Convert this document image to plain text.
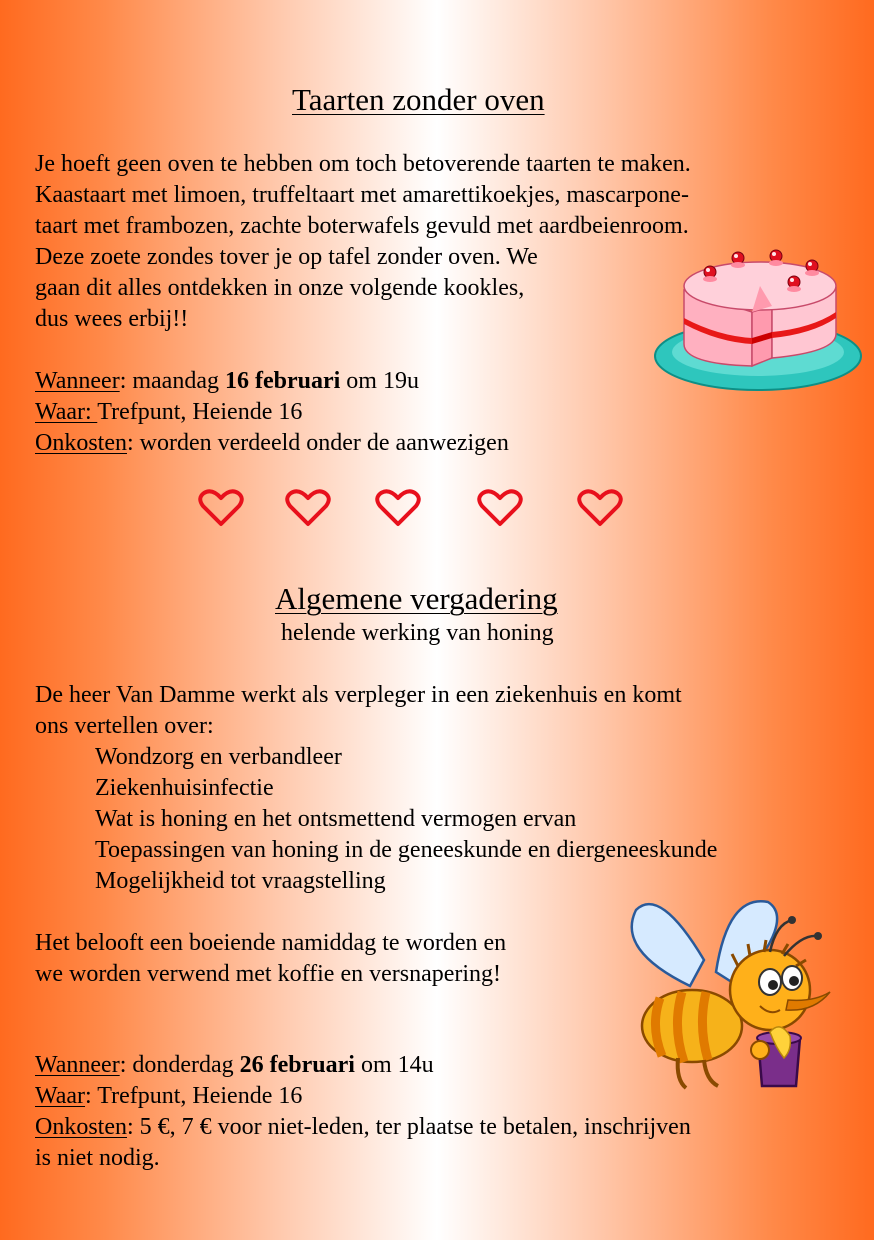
Taarten zonder oven
Je hoeft geen oven te hebben om toch betoverende taarten te maken.
Kaastaart met limoen, truffeltaart met amarettikoekjes, mascarpone-
taart met frambozen, zachte boterwafels gevuld met aardbeienroom.
Deze zoete zondes tover je op tafel zonder oven. We
gaan dit alles ontdekken in onze volgende kookles,
dus wees erbij!!
Wanneer: maandag 16 februari om 19u
Waar: Trefpunt, Heiende 16
Onkosten: worden verdeeld onder de aanwezigen
Algemene vergadering
helende werking van honing
De heer Van Damme werkt als verpleger in een ziekenhuis en komt
ons vertellen over:
Wondzorg en verbandleer
Ziekenhuisinfectie
Wat is honing en het ontsmettend vermogen ervan
Toepassingen van honing in de geneeskunde en diergeneeskunde
Mogelijkheid tot vraagstelling
Het belooft een boeiende namiddag te worden en
we worden verwend met koffie en versnapering!
Wanneer: donderdag 26 februari om 14u
Waar: Trefpunt, Heiende 16
Onkosten: 5 €, 7 € voor niet-leden, ter plaatse te betalen, inschrijven
is niet nodig.
